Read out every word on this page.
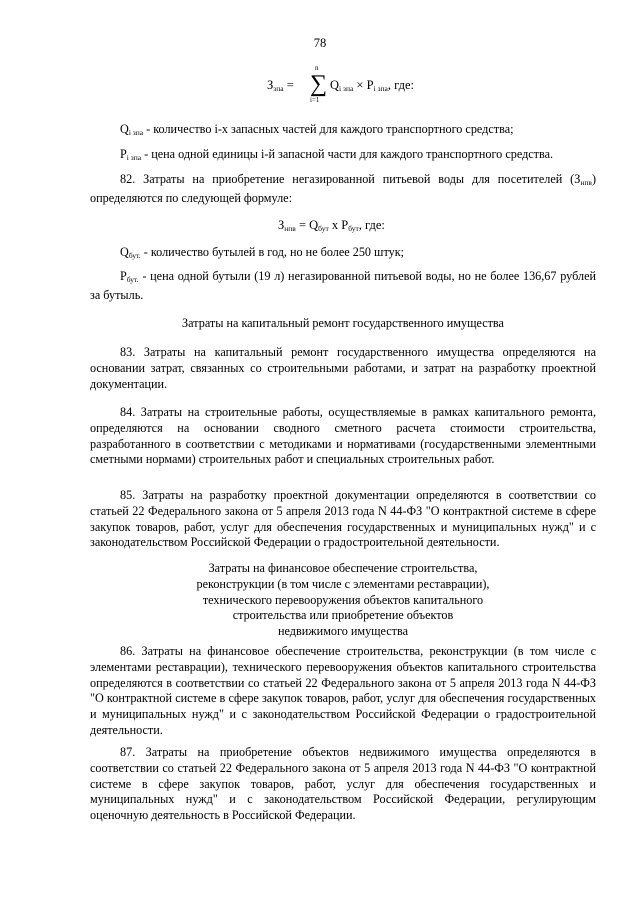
78
$З_{зпа}$ =
n
∑
i=1
$Q_{i зпа} \times P_{i зпа}$, где:
$Q_{i зпа}$ - количество i-х запасных частей для каждого транспортного средства;
$P_{i зпа}$ - цена одной единицы i-й запасной части для каждого транспортного средства.

82. Затраты на приобретение негазированной питьевой воды для посетителей $(З_{нпв})$ определяются по следующей формуле:

$З_{нпв} = Q_{бут}$ х $P_{бут}$, где:
$Q_{бут.}$ - количество бутылей в год, но не более 250 штук;

$P_{бут.}$ - цена одной бутыли (19 л) негазированной питьевой воды, но не более 136,67 рублей за бутыль.

Затраты на капитальный ремонт государственного имущества

83. Затраты на капитальный ремонт государственного имущества определяются на основании затрат, связанных со строительными работами, и затрат на разработку проектной документации.

84. Затраты на строительные работы, осуществляемые в рамках капитального ремонта, определяются на основании сводного сметного расчета стоимости строительства, разработанного в соответствии с методиками и нормативами (государственными элементными сметными нормами) строительных работ и специальных строительных работ.

85. Затраты на разработку проектной документации определяются в соответствии со статьей 22 Федерального закона от 5 апреля 2013 года N 44-ФЗ "О контрактной системе в сфере закупок товаров, работ, услуг для обеспечения государственных и муниципальных нужд" и с законодательством Российской Федерации о градостроительной деятельности.

Затраты на финансовое обеспечение строительства,
реконструкции (в том числе с элементами реставрации),
технического перевооружения объектов капитального
строительства или приобретение объектов
недвижимого имущества

86. Затраты на финансовое обеспечение строительства, реконструкции (в том числе с элементами реставрации), технического перевооружения объектов капитального строительства определяются в соответствии со статьей 22 Федерального закона от 5 апреля 2013 года N 44-ФЗ "О контрактной системе в сфере закупок товаров, работ, услуг для обеспечения государственных и муниципальных нужд" и с законодательством Российской Федерации о градостроительной деятельности.

87. Затраты на приобретение объектов недвижимого имущества определяются в соответствии со статьей 22 Федерального закона от 5 апреля 2013 года N 44-ФЗ "О контрактной системе в сфере закупок товаров, работ, услуг для обеспечения государственных и муниципальных нужд" и с законодательством Российской Федерации, регулирующим оценочную деятельность в Российской Федерации.
